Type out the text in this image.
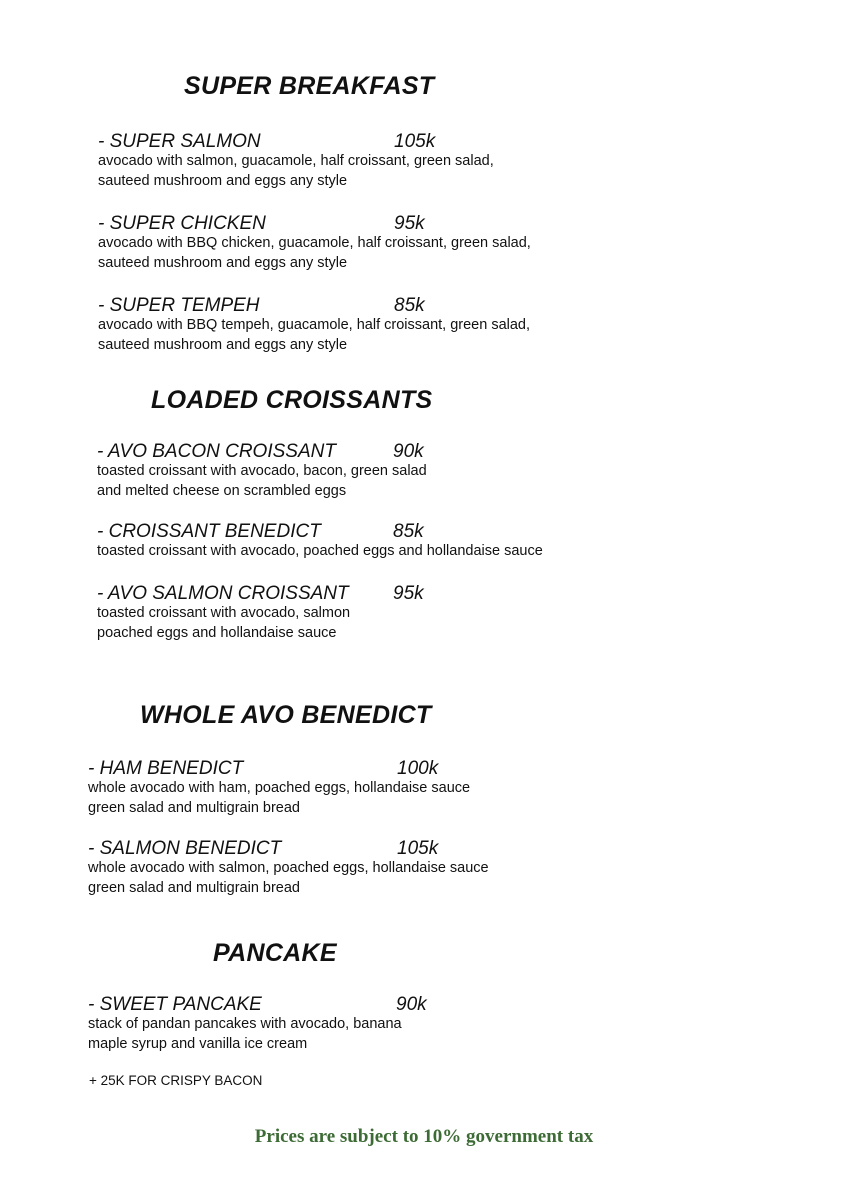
SUPER BREAKFAST
- SUPER SALMON	105k
avocado with salmon, guacamole, half croissant, green salad,
sauteed mushroom and eggs any style
- SUPER CHICKEN	95k
avocado with BBQ chicken, guacamole, half croissant, green salad,
sauteed mushroom and eggs any style
- SUPER TEMPEH	85k
avocado with BBQ tempeh, guacamole, half croissant, green salad,
sauteed mushroom and eggs any style
LOADED CROISSANTS
- AVO BACON CROISSANT	90k
toasted croissant with avocado, bacon, green salad
and melted cheese on scrambled eggs
- CROISSANT BENEDICT	85k
toasted croissant with avocado, poached eggs and hollandaise sauce
- AVO SALMON CROISSANT 95k
toasted croissant with avocado, salmon
poached eggs and hollandaise sauce
WHOLE AVO BENEDICT
- HAM BENEDICT	100k
whole avocado with ham, poached eggs, hollandaise sauce
green salad and multigrain bread
- SALMON BENEDICT	105k
whole avocado with salmon, poached eggs, hollandaise sauce
green salad and multigrain bread
PANCAKE
- SWEET PANCAKE	90k
stack of pandan pancakes with avocado, banana
maple syrup and vanilla ice cream
+ 25K FOR CRISPY BACON
Prices are subject to 10% government tax
